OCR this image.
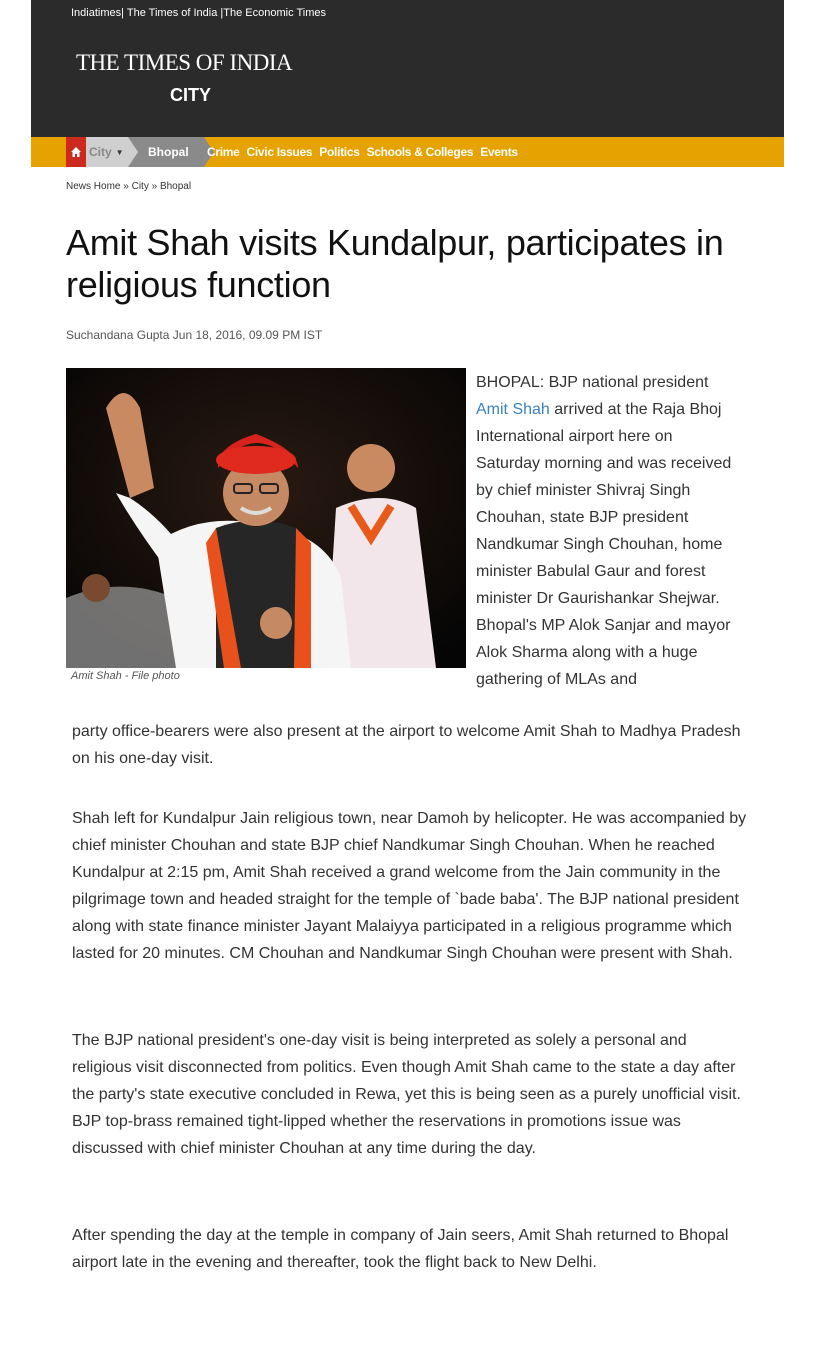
Indiatimes| The Times of India |The Economic Times
THE TIMES OF INDIA
CITY
City ▼	Bhopal	Crime Civic Issues Politics Schools & Colleges Events
News Home » City » Bhopal
Amit Shah visits Kundalpur, participates in religious function
Suchandana Gupta Jun 18, 2016, 09.09 PM IST
Amit Shah - File photo

BHOPAL: BJP national president Amit Shah arrived at the Raja Bhoj International airport here on Saturday morning and was received by chief minister Shivraj Singh Chouhan, state BJP president Nandkumar Singh Chouhan, home minister Babulal Gaur and forest minister Dr Gaurishankar Shejwar. Bhopal's MP Alok Sanjar and mayor Alok Sharma along with a huge gathering of MLAs and

party office-bearers were also present at the airport to welcome Amit Shah to Madhya Pradesh on his one-day visit.

Shah left for Kundalpur Jain religious town, near Damoh by helicopter. He was accompanied by chief minister Chouhan and state BJP chief Nandkumar Singh Chouhan. When he reached Kundalpur at 2:15 pm, Amit Shah received a grand welcome from the Jain community in the pilgrimage town and headed straight for the temple of `bade baba'. The BJP national president along with state finance minister Jayant Malaiyya participated in a religious programme which lasted for 20 minutes. CM Chouhan and Nandkumar Singh Chouhan were present with Shah.

The BJP national president's one-day visit is being interpreted as solely a personal and religious visit disconnected from politics. Even though Amit Shah came to the state a day after the party's state executive concluded in Rewa, yet this is being seen as a purely unofficial visit. BJP top-brass remained tight-lipped whether the reservations in promotions issue was discussed with chief minister Chouhan at any time during the day.

After spending the day at the temple in company of Jain seers, Amit Shah returned to Bhopal airport late in the evening and thereafter, took the flight back to New Delhi.
